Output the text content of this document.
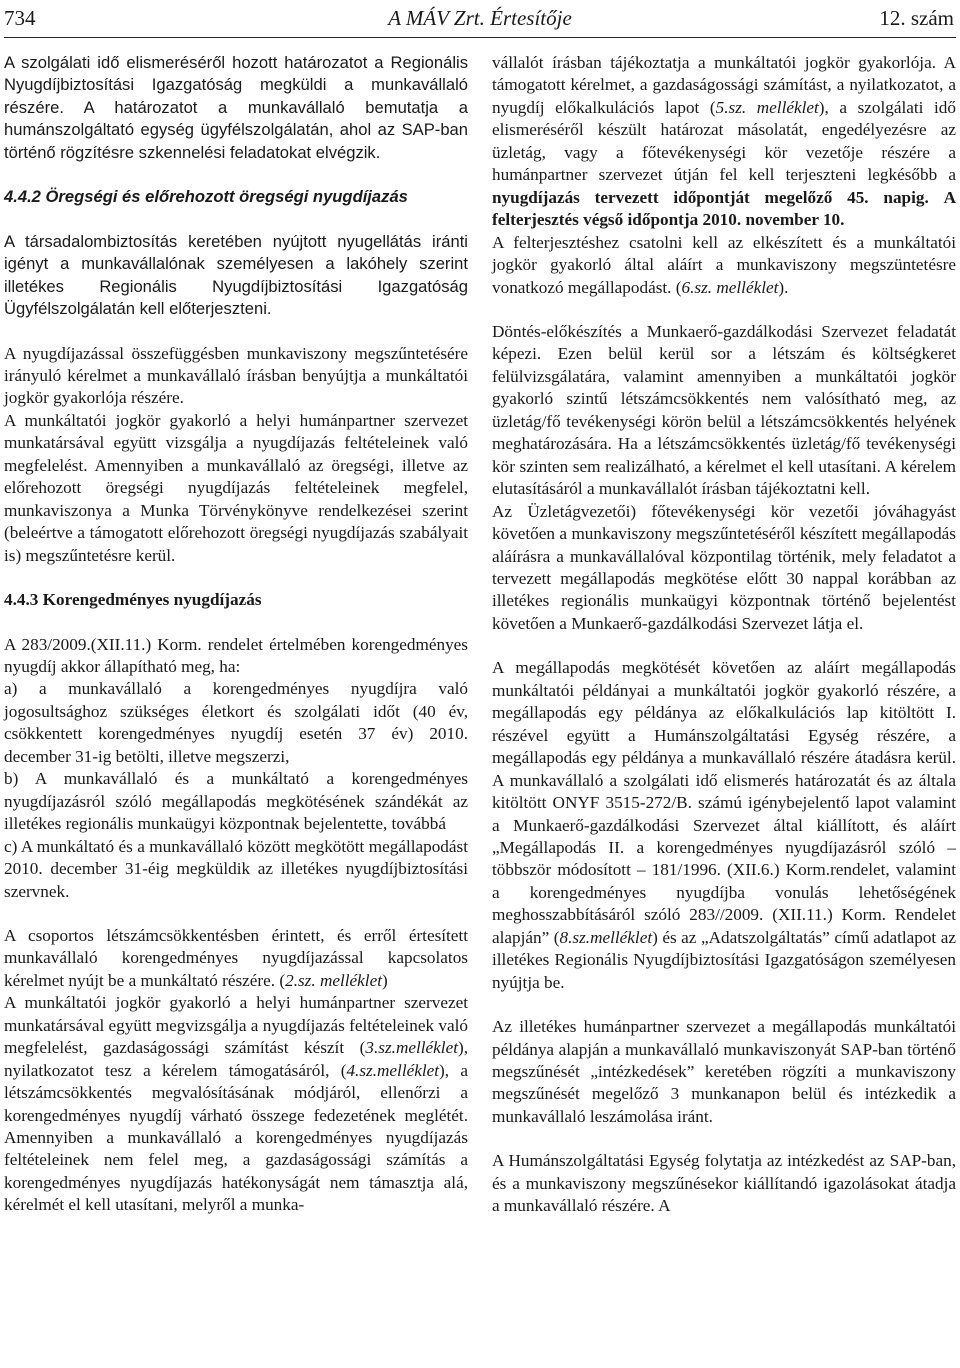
734	A MÁV Zrt. Értesítője	12. szám

A szolgálati idő elismeréséről hozott határozatot a Regionális Nyugdíjbiztosítási Igazgatóság megküldi a munkavállaló részére. A határozatot a munkavállaló bemutatja a humánszolgáltató egység ügyfélszolgálatán, ahol az SAP-ban történő rögzítésre szkennelési feladatokat elvégzik.

4.4.2 Öregségi és előrehozott öregségi nyugdíjazás

A társadalombiztosítás keretében nyújtott nyugellátás iránti igényt a munkavállalónak személyesen a lakóhely szerint illetékes Regionális Nyugdíjbiztosítási Igazgatóság Ügyfélszolgálatán kell előterjeszteni.

A nyugdíjazással összefüggésben munkaviszony megszűntetésére irányuló kérelmet a munkavállaló írásban benyújtja a munkáltatói jogkör gyakorlója részére.

A munkáltatói jogkör gyakorló a helyi humánpartner szervezet munkatársával együtt vizsgálja a nyugdíjazás feltételeinek való megfelelést. Amennyiben a munkavállaló az öregségi, illetve az előrehozott öregségi nyugdíjazás feltételeinek megfelel, munkaviszonya a Munka Törvénykönyve rendelkezései szerint (beleértve a támogatott előrehozott öregségi nyugdíjazás szabályait is) megszűntetésre kerül.

4.4.3 Korengedményes nyugdíjazás

A 283/2009.(XII.11.) Korm. rendelet értelmében korengedményes nyugdíj akkor állapítható meg, ha:

a) a munkavállaló a korengedményes nyugdíjra való jogosultsághoz szükséges életkort és szolgálati időt (40 év, csökkentett korengedményes nyugdíj esetén 37 év) 2010. december 31-ig betölti, illetve megszerzi,

b) A munkavállaló és a munkáltató a korengedményes nyugdíjazásról szóló megállapodás megkötésének szándékát az illetékes regionális munkaügyi központnak bejelentette, továbbá

c) A munkáltató és a munkavállaló között megkötött megállapodást 2010. december 31-éig megküldik az illetékes nyugdíjbiztosítási szervnek.

A csoportos létszámcsökkentésben érintett, és erről értesített munkavállaló korengedményes nyugdíjazással kapcsolatos kérelmet nyújt be a munkáltató részére. (2.sz. melléklet)

A munkáltatói jogkör gyakorló a helyi humánpartner szervezet munkatársával együtt megvizsgálja a nyugdíjazás feltételeinek való megfelelést, gazdaságossági számítást készít (3.sz.melléklet), nyilatkozatot tesz a kérelem támogatásáról, (4.sz.melléklet), a létszámcsökkentés megvalósításának módjáról, ellenőrzi a korengedményes nyugdíj várható összege fedezetének meglétét. Amennyiben a munkavállaló a korengedményes nyugdíjazás feltételeinek nem felel meg, a gazdaságossági számítás a korengedményes nyugdíjazás hatékonyságát nem támasztja alá, kérelmét el kell utasítani, melyről a munka-

vállalót írásban tájékoztatja a munkáltatói jogkör gyakorlója. A támogatott kérelmet, a gazdaságossági számítást, a nyilatkozatot, a nyugdíj előkalkulációs lapot (5.sz. melléklet), a szolgálati idő elismeréséről készült határozat másolatát, engedélyezésre az üzletág, vagy a főtevékenységi kör vezetője részére a humánpartner szervezet útján fel kell terjeszteni legkésőbb a nyugdíjazás tervezett időpontját megelőző 45. napig. A felterjesztés végső időpontja 2010. november 10.

A felterjesztéshez csatolni kell az elkészített és a munkáltatói jogkör gyakorló által aláírt a munkaviszony megszüntetésre vonatkozó megállapodást. (6.sz. melléklet).

Döntés-előkészítés a Munkaerő-gazdálkodási Szervezet feladatát képezi. Ezen belül kerül sor a létszám és költségkeret felülvizsgálatára, valamint amennyiben a munkáltatói jogkör gyakorló szintű létszámcsökkentés nem valósítható meg, az üzletág/fő tevékenységi körön belül a létszámcsökkentés helyének meghatározására. Ha a létszámcsökkentés üzletág/fő tevékenységi kör szinten sem realizálható, a kérelmet el kell utasítani. A kérelem elutasításáról a munkavállalót írásban tájékoztatni kell.

Az Üzletágvezetői) főtevékenységi kör vezetői jóváhagyást követően a munkaviszony megszűntetéséről készített megállapodás aláírásra a munkavállalóval központilag történik, mely feladatot a tervezett megállapodás megkötése előtt 30 nappal korábban az illetékes regionális munkaügyi központnak történő bejelentést követően a Munkaerő-gazdálkodási Szervezet látja el.

A megállapodás megkötését követően az aláírt megállapodás munkáltatói példányai a munkáltatói jogkör gyakorló részére, a megállapodás egy példánya az előkalkulációs lap kitöltött I. részével együtt a Humánszolgáltatási Egység részére, a megállapodás egy példánya a munkavállaló részére átadásra kerül. A munkavállaló a szolgálati idő elismerés határozatát és az általa kitöltött ONYF 3515-272/B. számú igénybejelentő lapot valamint a Munkaerő-gazdálkodási Szervezet által kiállított, és aláírt „Megállapodás II. a korengedményes nyugdíjazásról szóló – többször módosított – 181/1996. (XII.6.) Korm.rendelet, valamint a korengedményes nyugdíjba vonulás lehetőségének meghosszabbításáról szóló 283//2009. (XII.11.) Korm. Rendelet alapján” (8.sz.melléklet) és az „Adatszolgáltatás” című adatlapot az illetékes Regionális Nyugdíjbiztosítási Igazgatóságon személyesen nyújtja be.

Az illetékes humánpartner szervezet a megállapodás munkáltatói példánya alapján a munkavállaló munkaviszonyát SAP-ban történő megszűnését „intézkedések” keretében rögzíti a munkaviszony megszűnését megelőző 3 munkanapon belül és intézkedik a munkavállaló leszámolása iránt.

A Humánszolgáltatási Egység folytatja az intézkedést az SAP-ban, és a munkaviszony megszűnésekor kiállítandó igazolásokat átadja a munkavállaló részére. A
